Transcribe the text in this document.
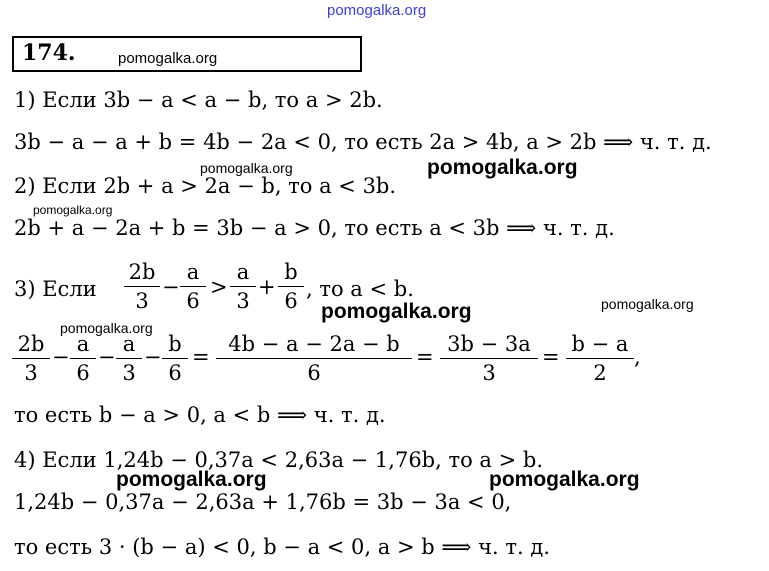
pomogalka.org
174.	pomogalka.org
1) Если 3b − a < a − b, то a > 2b.
3b − a − a + b = 4b − 2a < 0, то есть 2a > 4b, a > 2b ⟹ ч. т. д.
pomogalka.org	pomogalka.org
2) Если 2b + a > 2a − b, то a < 3b.
pomogalka.org
2b + a − 2a + b = 3b − a > 0, то есть a < 3b ⟹ ч. т. д.
3) Если $\frac{2b}{3} - \frac{a}{6} > \frac{a}{3} + \frac{b}{6}$ , то a < b.
pomogalka.org
pomogalka.org
pomogalka.org
$\frac{2b}{3} - \frac{a}{6} - \frac{a}{3} - \frac{b}{6} = \frac{4b - a - 2a - b}{6} = \frac{3b - 3a}{3} = \frac{b - a}{2}$ ,
то есть b − a > 0, a < b ⟹ ч. т. д.
4) Если 1,24b − 0,37a < 2,63a − 1,76b, то a > b.
pomogalka.org	pomogalka.org
1,24b − 0,37a − 2,63a + 1,76b = 3b − 3a < 0,
то есть 3 · (b − a) < 0, b − a < 0, a > b ⟹ ч. т. д.
